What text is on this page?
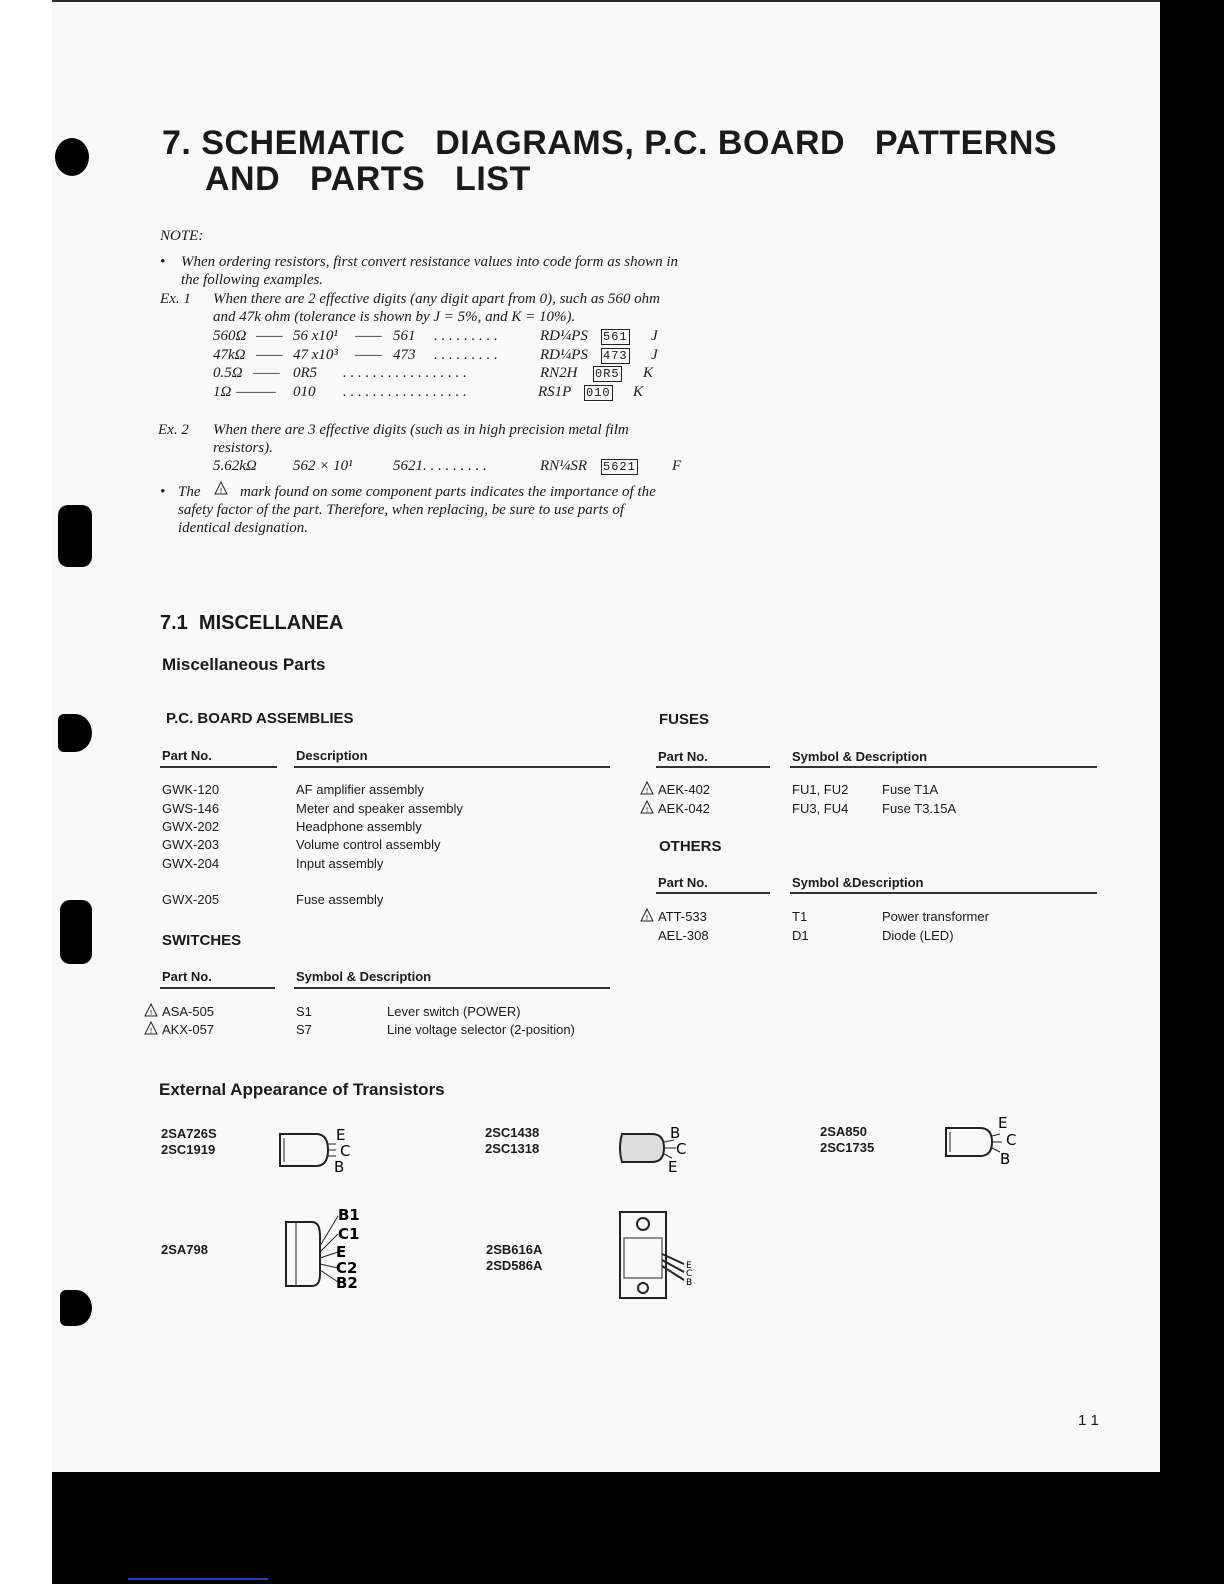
7. SCHEMATIC   DIAGRAMS, P.C. BOARD   PATTERNS
AND   PARTS   LIST
NOTE:
• When ordering resistors, first convert resistance values into code form as shown in
the following examples.
Ex. 1 When there are 2 effective digits (any digit apart from 0), such as 560 ohm
and 47k ohm (tolerance is shown by J = 5%, and K = 10%).
560Ω —— 56 x10¹ —— 561 . . . . . . . . .	RD¼PS 561 J
47kΩ —— 47 x10³ —— 473 . . . . . . . . .	RD¼PS 473 J
0.5Ω —— 0R5 . . . . . . . . . . . . . . . . .	RN2H 0R5 K
1Ω ——— 010 . . . . . . . . . . . . . . . . .	RS1P 010 K
Ex. 2 When there are 3 effective digits (such as in high precision metal film
resistors).
5.62kΩ 562 × 10¹	5621. . . . . . . . .	RN¼SR 5621 F
• The	! mark found on some component parts indicates the importance of the
safety factor of the part. Therefore, when replacing, be sure to use parts of
identical designation.
7.1  MISCELLANEA
Miscellaneous Parts
P.C. BOARD ASSEMBLIES
Part No.	Description
GWK-120	AF amplifier assembly
GWS-146	Meter and speaker assembly
GWX-202	Headphone assembly
GWX-203	Volume control assembly
GWX-204	Input assembly
GWX-205	Fuse assembly
SWITCHES
Part No.	Symbol & Description
! ASA-505	S1	Lever switch (POWER)
! AKX-057	S7	Line voltage selector (2-position)
FUSES
Part No.	Symbol & Description
! AEK-402	FU1, FU2	Fuse T1A
! AEK-042	FU3, FU4	Fuse T3.15A
OTHERS
Part No.	Symbol &Description
! ATT-533	T1	Power transformer
AEL-308	D1	Diode (LED)
External Appearance of Transistors
2SA726S
2SC1919
E
C
B
2SC1438
2SC1318
B
C
E
2SA850
2SC1735
E
C
B
2SA798
B1
C1
E
C2
B2
2SB616A
2SD586A	E
C
B
1 1
